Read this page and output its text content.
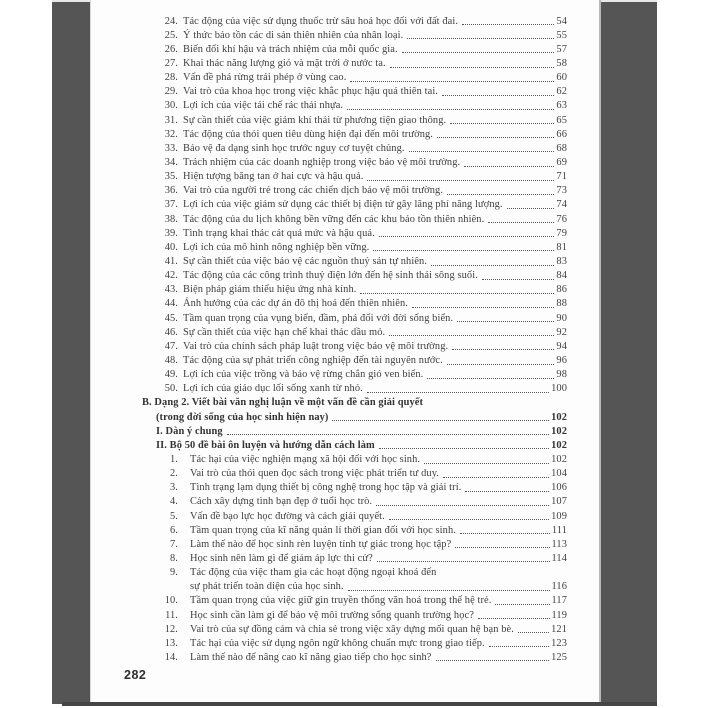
24. Tác động của việc sử dụng thuốc trừ sâu hoá học đối với đất đai.	54
25. Ý thức bảo tồn các di sản thiên nhiên của nhân loại.	55
26. Biến đổi khí hậu và trách nhiệm của mỗi quốc gia.	57
27. Khai thác năng lượng gió và mặt trời ở nước ta.	58
28. Vấn đề phá rừng trái phép ở vùng cao.	60
29. Vai trò của khoa học trong việc khắc phục hậu quả thiên tai.	62
30. Lợi ích của việc tái chế rác thải nhựa.	63
31. Sự cần thiết của việc giảm khí thải từ phương tiện giao thông.	65
32. Tác động của thói quen tiêu dùng hiện đại đến môi trường.	66
33. Bảo vệ đa dạng sinh học trước nguy cơ tuyệt chủng.	68
34. Trách nhiệm của các doanh nghiệp trong việc bảo vệ môi trường.	69
35. Hiện tượng băng tan ở hai cực và hậu quả.	71
36. Vai trò của người trẻ trong các chiến dịch bảo vệ môi trường.	73
37. Lợi ích của việc giảm sử dụng các thiết bị điện tử gây lãng phí năng lượng.	74
38. Tác động của du lịch không bền vững đến các khu bảo tồn thiên nhiên.	76
39. Tình trạng khai thác cát quá mức và hậu quả.	79
40. Lợi ích của mô hình nông nghiệp bền vững.	81
41. Sự cần thiết của việc bảo vệ các nguồn thuỷ sản tự nhiên.	83
42. Tác động của các công trình thuỷ điện lớn đến hệ sinh thái sông suối.	84
43. Biện pháp giảm thiểu hiệu ứng nhà kính.	86
44. Ảnh hưởng của các dự án đô thị hoá đến thiên nhiên.	88
45. Tầm quan trọng của vụng biển, đầm, phá đối với đời sống biển.	90
46. Sự cần thiết của việc hạn chế khai thác dầu mỏ.	92
47. Vai trò của chính sách pháp luật trong việc bảo vệ môi trường.	94
48. Tác động của sự phát triển công nghiệp đến tài nguyên nước.	96
49. Lợi ích của việc trồng và bảo vệ rừng chắn gió ven biển.	98
50. Lợi ích của giáo dục lối sống xanh từ nhỏ.	100
B. Dạng 2. Viết bài văn nghị luận về một vấn đề cần giải quyết
(trong đời sống của học sinh hiện nay)	102
I. Dàn ý chung	102
II. Bộ 50 đề bài ôn luyện và hướng dẫn cách làm	102
1. Tác hại của việc nghiện mạng xã hội đối với học sinh.	102
2. Vai trò của thói quen đọc sách trong việc phát triển tư duy.	104
3. Tình trạng lạm dụng thiết bị công nghệ trong học tập và giải trí.	106
4. Cách xây dựng tình bạn đẹp ở tuổi học trò.	107
5. Vấn đề bạo lực học đường và cách giải quyết.	109
6. Tầm quan trọng của kĩ năng quản lí thời gian đối với học sinh.	111
7. Làm thế nào để học sinh rèn luyện tính tự giác trong học tập?	113
8. Học sinh nên làm gì để giảm áp lực thi cử?	114
9. Tác động của việc tham gia các hoạt động ngoại khoá đến
sự phát triển toàn diện của học sinh.	116
10. Tầm quan trọng của việc giữ gìn truyền thống văn hoá trong thế hệ trẻ.	117
11. Học sinh cần làm gì để bảo vệ môi trường sống quanh trường học?	119
12. Vai trò của sự đồng cảm và chia sẻ trong việc xây dựng mối quan hệ bạn bè.	121
13. Tác hại của việc sử dụng ngôn ngữ không chuẩn mực trong giao tiếp.	123
14. Làm thế nào để nâng cao kĩ năng giao tiếp cho học sinh?	125
282
